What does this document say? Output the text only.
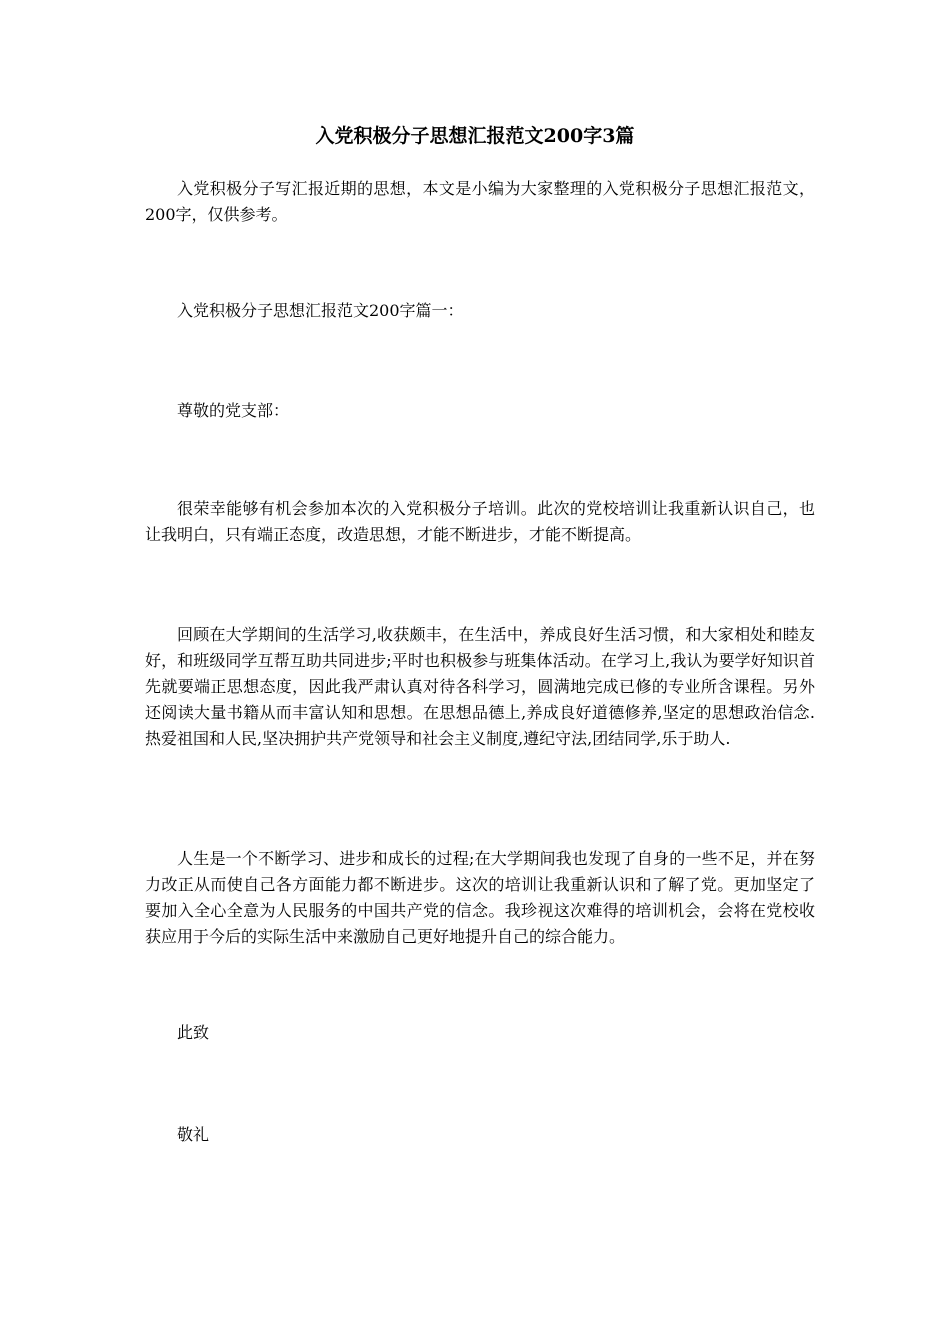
入党积极分子思想汇报范文200字3篇

入党积极分子写汇报近期的思想，本文是小编为大家整理的入党积极分子思想汇报范文，200字，仅供参考。

入党积极分子思想汇报范文200字篇一：

尊敬的党支部：

很荣幸能够有机会参加本次的入党积极分子培训。此次的党校培训让我重新认识自己，也让我明白，只有端正态度，改造思想，才能不断进步，才能不断提高。

回顾在大学期间的生活学习,收获颇丰，在生活中，养成良好生活习惯，和大家相处和睦友好，和班级同学互帮互助共同进步;平时也积极参与班集体活动。在学习上,我认为要学好知识首先就要端正思想态度，因此我严肃认真对待各科学习，圆满地完成已修的专业所含课程。另外还阅读大量书籍从而丰富认知和思想。在思想品德上,养成良好道德修养,坚定的思想政治信念.热爱祖国和人民,坚决拥护共产党领导和社会主义制度,遵纪守法,团结同学,乐于助人.

人生是一个不断学习、进步和成长的过程;在大学期间我也发现了自身的一些不足，并在努力改正从而使自己各方面能力都不断进步。这次的培训让我重新认识和了解了党。更加坚定了要加入全心全意为人民服务的中国共产党的信念。我珍视这次难得的培训机会，会将在党校收获应用于今后的实际生活中来激励自己更好地提升自己的综合能力。

此致

敬礼
